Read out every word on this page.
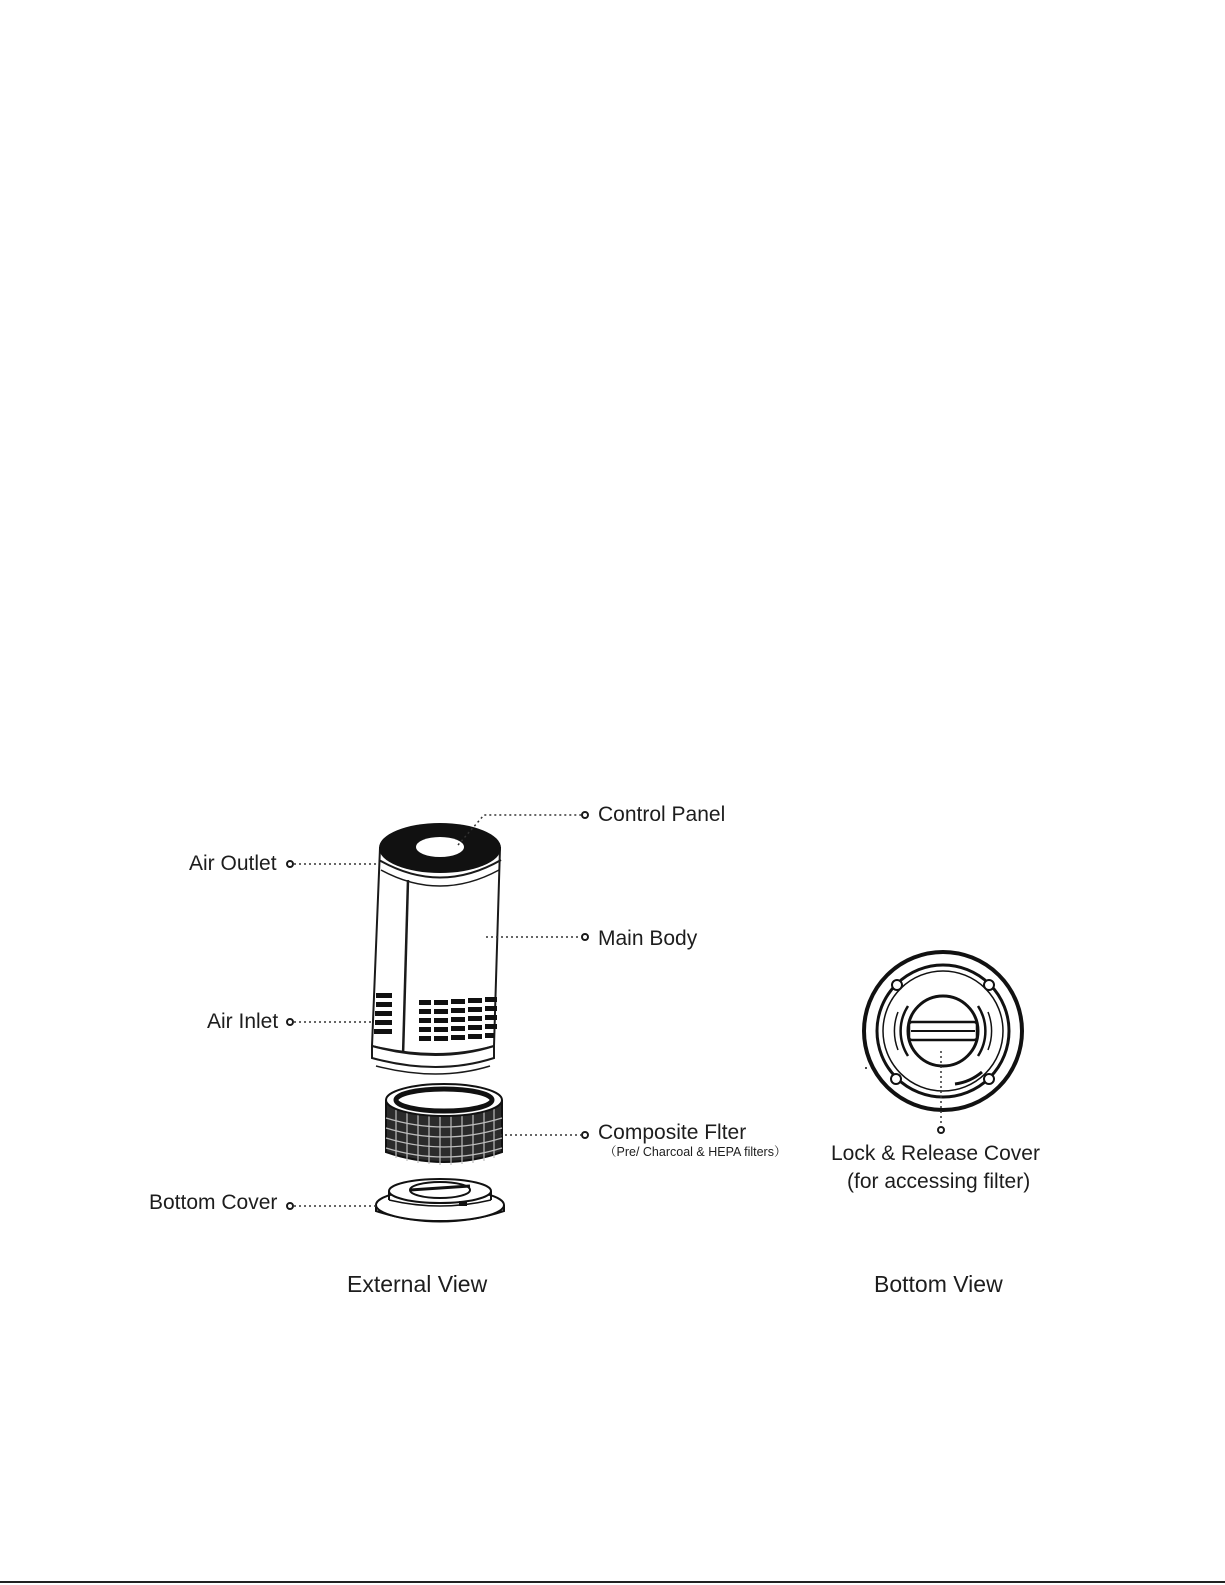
Control Panel
Air Outlet
Main Body
Air Inlet
Composite Flter
（Pre/ Charcoal & HEPA filters）
Bottom Cover
Lock & Release Cover
(for accessing filter)
External View	Bottom View
